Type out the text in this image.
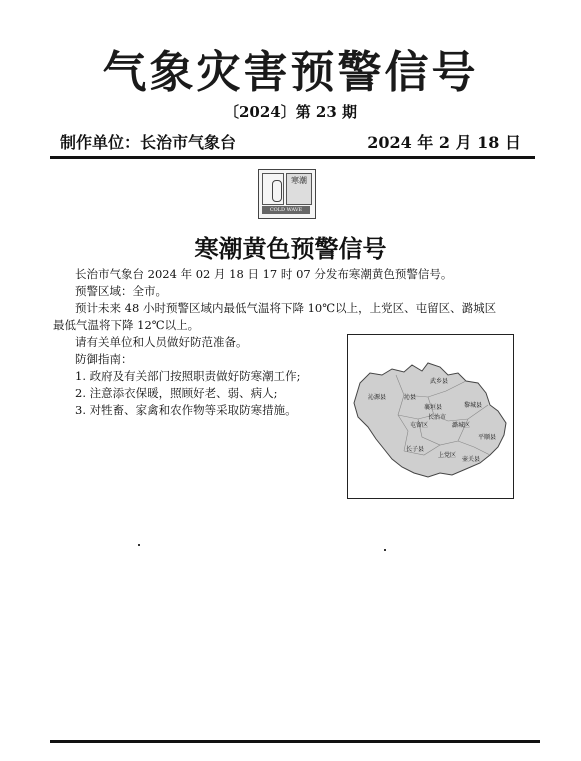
气象灾害预警信号
〔2024〕第 23 期
制作单位：长治市气象台	2024 年 2 月 18 日
寒潮
COLD WAVE
寒潮黄色预警信号
长治市气象台 2024 年 02 月 18 日 17 时 07 分发布寒潮黄色预警信号。
预警区域：全市。
预计未来 48 小时预警区域内最低气温将下降 10℃以上，上党区、屯留区、潞城区
最低气温将下降 12℃以上。
请有关单位和人员做好防范准备。
防御指南：
1. 政府及有关部门按照职责做好防寒潮工作;
2. 注意添衣保暖，照顾好老、弱、病人;
3. 对牲畜、家禽和农作物等采取防寒措施。
武乡县
沁源县	沁县
襄垣县	黎城县
屯留区
长治市
潞城区
长子县
上党区
平顺县
壶关县
